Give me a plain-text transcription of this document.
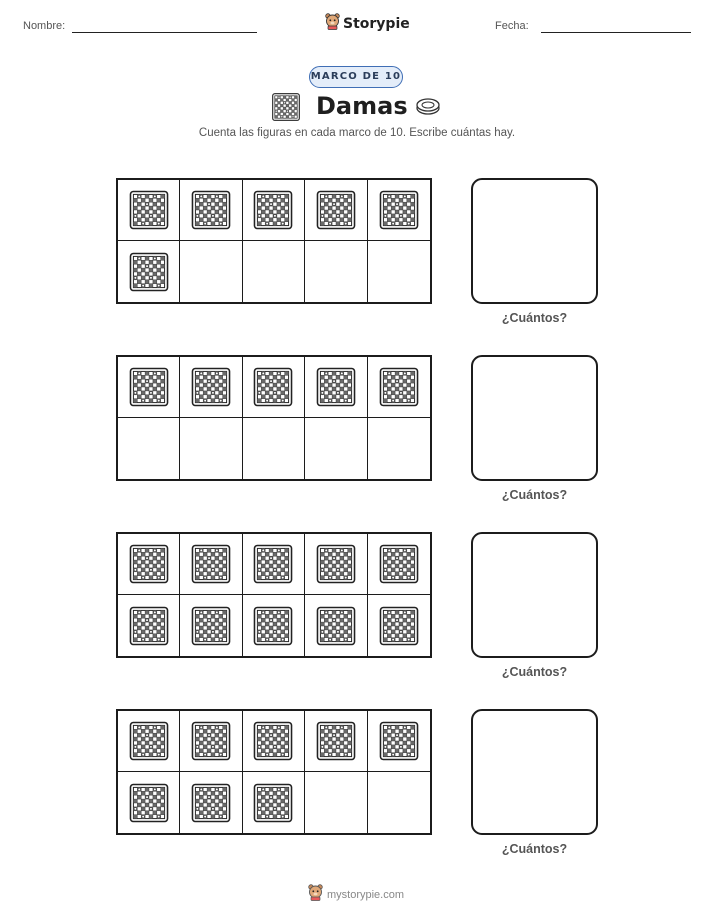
Nombre:	Storypie	Fecha:
MARCO DE 10
Damas
Cuenta las figuras en cada marco de 10. Escribe cuántas hay.
¿Cuántos?
¿Cuántos?
¿Cuántos?
¿Cuántos?
mystorypie.com
